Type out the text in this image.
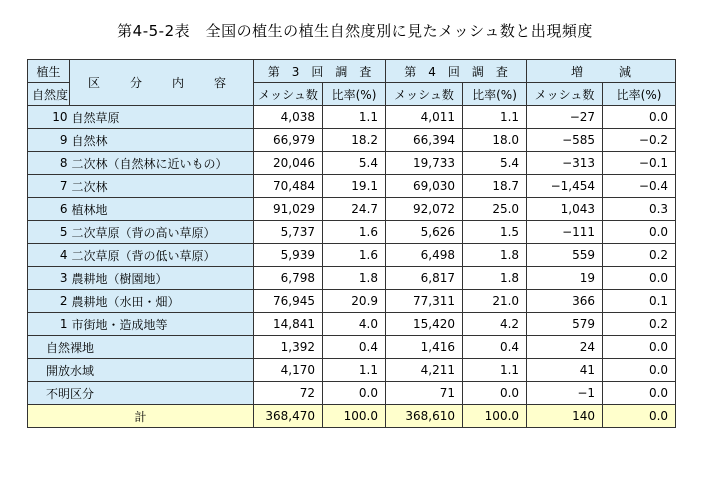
第4-5-2表　全国の植生の植生自然度別に見たメッシュ数と出現頻度
植生	区　分　内　容	第　3　回　調　査		第　4　回　調　査		増　　　減	
自然度		メッシュ数	比率(%)	メッシュ数	比率(%)	メッシュ数	比率(%)
10	自然草原	4,038	1.1	4,011	1.1	−27	0.0
9	自然林	66,979	18.2	66,394	18.0	−585	−0.2
8	二次林（自然林に近いもの）	20,046	5.4	19,733	5.4	−313	−0.1
7	二次林	70,484	19.1	69,030	18.7	−1,454	−0.4
6	植林地	91,029	24.7	92,072	25.0	1,043	0.3
5	二次草原（背の高い草原）	5,737	1.6	5,626	1.5	−111	0.0
4	二次草原（背の低い草原）	5,939	1.6	6,498	1.8	559	0.2
3	農耕地（樹園地）	6,798	1.8	6,817	1.8	19	0.0
2	農耕地（水田・畑）	76,945	20.9	77,311	21.0	366	0.1
1	市街地・造成地等	14,841	4.0	15,420	4.2	579	0.2
自然裸地		1,392	0.4	1,416	0.4	24	0.0
開放水域		4,170	1.1	4,211	1.1	41	0.0
不明区分		72	0.0	71	0.0	−1	0.0
計		368,470	100.0	368,610	100.0	140	0.0
